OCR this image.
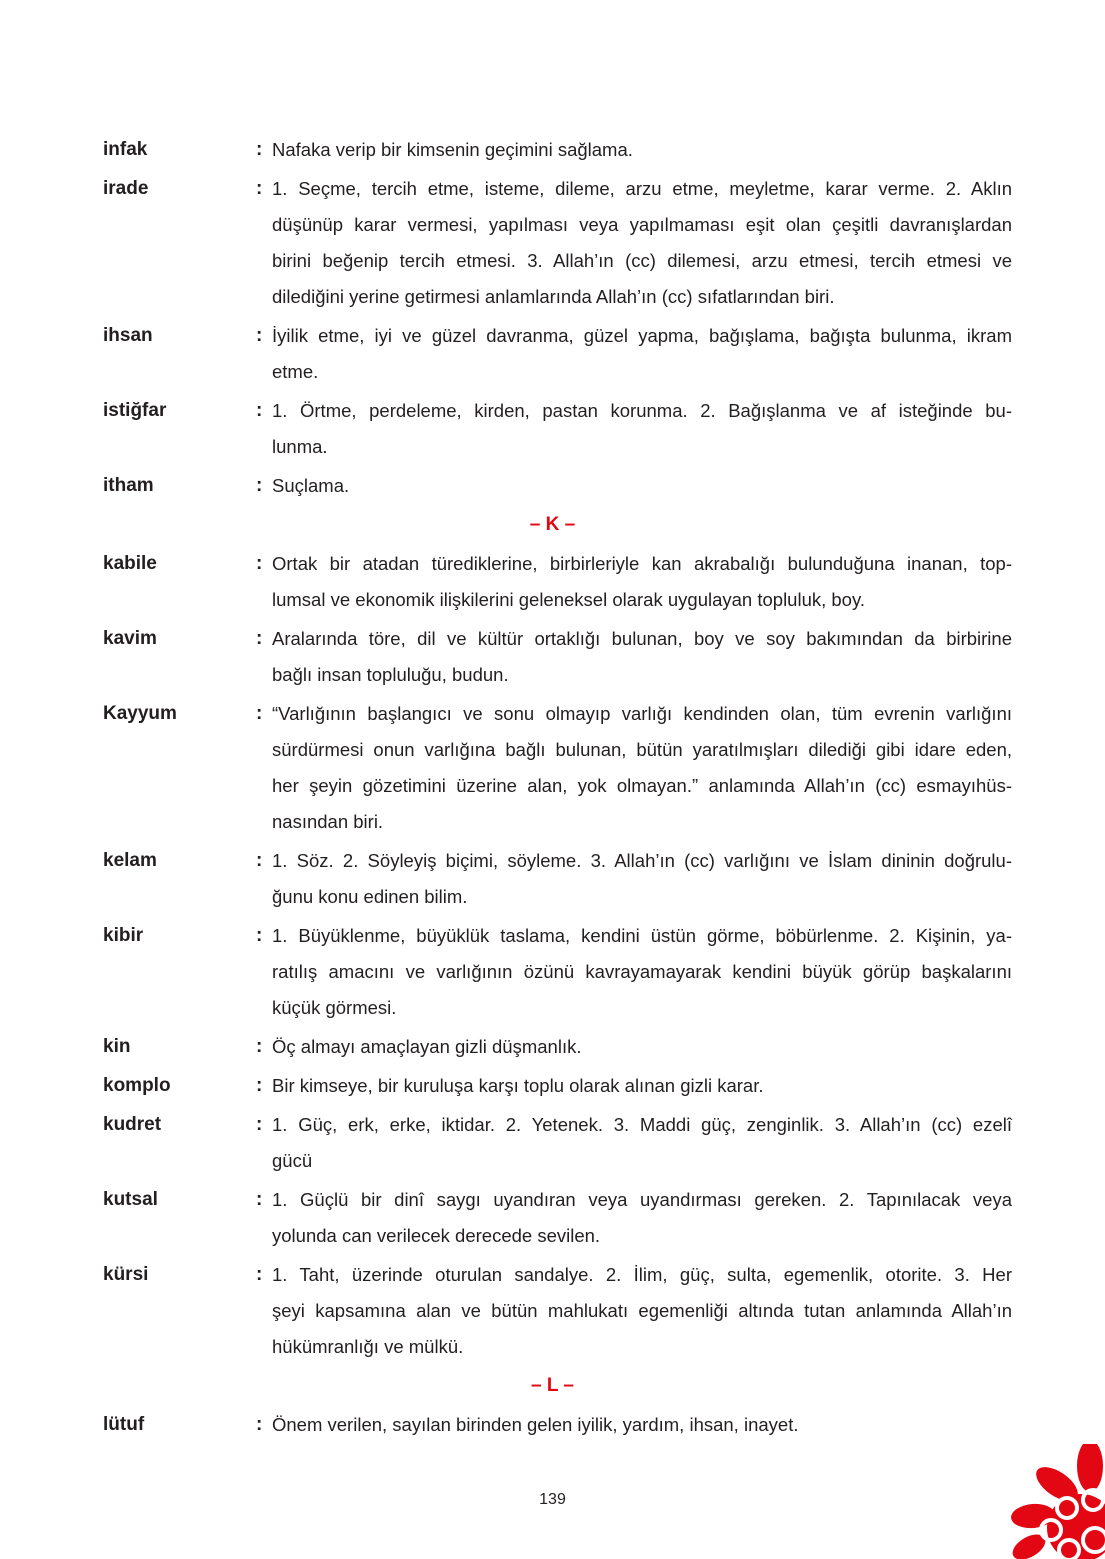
infak	: Nafaka verip bir kimsenin geçimini sağlama.
irade	: 1. Seçme, tercih etme, isteme, dileme, arzu etme, meyletme, karar verme. 2. Aklın
düşünüp karar vermesi, yapılması veya yapılmaması eşit olan çeşitli davranışlardan
birini beğenip tercih etmesi. 3. Allah’ın (cc) dilemesi, arzu etmesi, tercih etmesi ve
dilediğini yerine getirmesi anlamlarında Allah’ın (cc) sıfatlarından biri.
ihsan	: İyilik etme, iyi ve güzel davranma, güzel yapma, bağışlama, bağışta bulunma, ikram
etme.
istiğfar	: 1. Örtme, perdeleme, kirden, pastan korunma. 2. Bağışlanma ve af isteğinde bu-
lunma.
itham	: Suçlama.
– K –
kabile	: Ortak bir atadan türediklerine, birbirleriyle kan akrabalığı bulunduğuna inanan, top-
lumsal ve ekonomik ilişkilerini geleneksel olarak uygulayan topluluk, boy.
kavim	: Aralarında töre, dil ve kültür ortaklığı bulunan, boy ve soy bakımından da birbirine
bağlı insan topluluğu, budun.
Kayyum	: “Varlığının başlangıcı ve sonu olmayıp varlığı kendinden olan, tüm evrenin varlığını
sürdürmesi onun varlığına bağlı bulunan, bütün yaratılmışları dilediği gibi idare eden,
her şeyin gözetimini üzerine alan, yok olmayan.” anlamında Allah’ın (cc) esmayıhüs-
nasından biri.
kelam	: 1. Söz. 2. Söyleyiş biçimi, söyleme. 3. Allah’ın (cc) varlığını ve İslam dininin doğrulu-
ğunu konu edinen bilim.
kibir	: 1. Büyüklenme, büyüklük taslama, kendini üstün görme, böbürlenme. 2. Kişinin, ya-
ratılış amacını ve varlığının özünü kavrayamayarak kendini büyük görüp başkalarını
küçük görmesi.
kin	: Öç almayı amaçlayan gizli düşmanlık.
komplo	: Bir kimseye, bir kuruluşa karşı toplu olarak alınan gizli karar.
kudret	: 1. Güç, erk, erke, iktidar. 2. Yetenek. 3. Maddi güç, zenginlik. 3. Allah’ın (cc) ezelî
gücü
kutsal	: 1. Güçlü bir dinî saygı uyandıran veya uyandırması gereken. 2. Tapınılacak veya
yolunda can verilecek derecede sevilen.
kürsi	: 1. Taht, üzerinde oturulan sandalye. 2. İlim, güç, sulta, egemenlik, otorite. 3. Her
şeyi kapsamına alan ve bütün mahlukatı egemenliği altında tutan anlamında Allah’ın
hükümranlığı ve mülkü.
– L –
lütuf	: Önem verilen, sayılan birinden gelen iyilik, yardım, ihsan, inayet.
139
